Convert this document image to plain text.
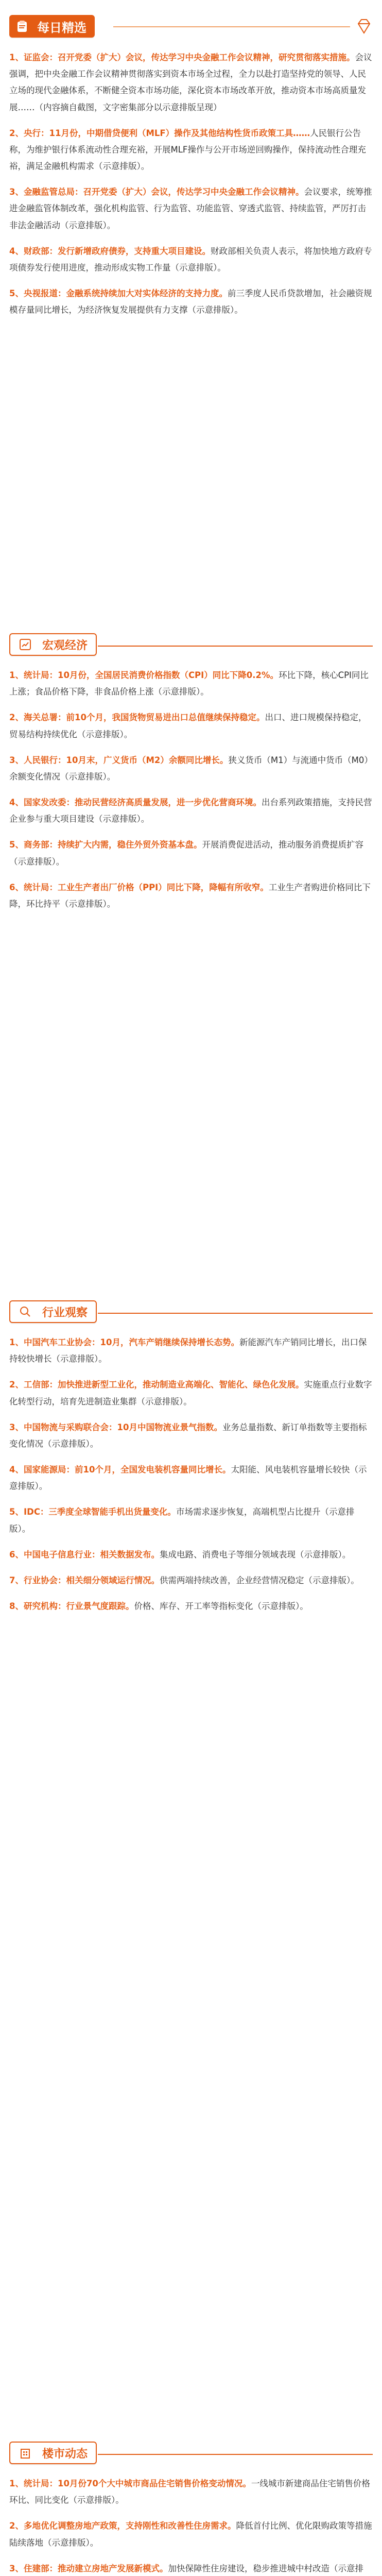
每日精选

1、证监会：召开党委（扩大）会议，传达学习中央金融工作会议精神，研究贯彻落实措施。会议强调，把中央金融工作会议精神贯彻落实到资本市场全过程，全力以赴打造坚持党的领导、人民立场的现代金融体系，不断健全资本市场功能，深化资本市场改革开放，推动资本市场高质量发展……（内容摘自截图，文字密集部分以示意排版呈现）

2、央行：11月份，中期借贷便利（MLF）操作及其他结构性货币政策工具……人民银行公告称，为维护银行体系流动性合理充裕，开展MLF操作与公开市场逆回购操作，保持流动性合理充裕，满足金融机构需求（示意排版）。

3、金融监管总局：召开党委（扩大）会议，传达学习中央金融工作会议精神。会议要求，统筹推进金融监管体制改革，强化机构监管、行为监管、功能监管、穿透式监管、持续监管，严厉打击非法金融活动（示意排版）。

4、财政部：发行新增政府债券，支持重大项目建设。财政部相关负责人表示，将加快地方政府专项债券发行使用进度，推动形成实物工作量（示意排版）。

5、央视报道：金融系统持续加大对实体经济的支持力度。前三季度人民币贷款增加，社会融资规模存量同比增长，为经济恢复发展提供有力支撑（示意排版）。

宏观经济

1、统计局：10月份，全国居民消费价格指数（CPI）同比下降0.2%。环比下降，核心CPI同比上涨；食品价格下降，非食品价格上涨（示意排版）。

2、海关总署：前10个月，我国货物贸易进出口总值继续保持稳定。出口、进口规模保持稳定，贸易结构持续优化（示意排版）。

3、人民银行：10月末，广义货币（M2）余额同比增长。狭义货币（M1）与流通中货币（M0）余额变化情况（示意排版）。

4、国家发改委：推动民营经济高质量发展，进一步优化营商环境。出台系列政策措施，支持民营企业参与重大项目建设（示意排版）。

5、商务部：持续扩大内需，稳住外贸外资基本盘。开展消费促进活动，推动服务消费提质扩容（示意排版）。

6、统计局：工业生产者出厂价格（PPI）同比下降，降幅有所收窄。工业生产者购进价格同比下降，环比持平（示意排版）。

行业观察

1、中国汽车工业协会：10月，汽车产销继续保持增长态势。新能源汽车产销同比增长，出口保持较快增长（示意排版）。

2、工信部：加快推进新型工业化，推动制造业高端化、智能化、绿色化发展。实施重点行业数字化转型行动，培育先进制造业集群（示意排版）。

3、中国物流与采购联合会：10月中国物流业景气指数。业务总量指数、新订单指数等主要指标变化情况（示意排版）。

4、国家能源局：前10个月，全国发电装机容量同比增长。太阳能、风电装机容量增长较快（示意排版）。

5、IDC：三季度全球智能手机出货量变化。市场需求逐步恢复，高端机型占比提升（示意排版）。

6、中国电子信息行业：相关数据发布。集成电路、消费电子等细分领域表现（示意排版）。

7、行业协会：相关细分领域运行情况。供需两端持续改善，企业经营情况稳定（示意排版）。

8、研究机构：行业景气度跟踪。价格、库存、开工率等指标变化（示意排版）。

楼市动态

1、统计局：10月份70个大中城市商品住宅销售价格变动情况。一线城市新建商品住宅销售价格环比、同比变化（示意排版）。

2、多地优化调整房地产政策，支持刚性和改善性住房需求。降低首付比例、优化限购政策等措施陆续落地（示意排版）。

3、住建部：推动建立房地产发展新模式。加快保障性住房建设，稳步推进城中村改造（示意排
